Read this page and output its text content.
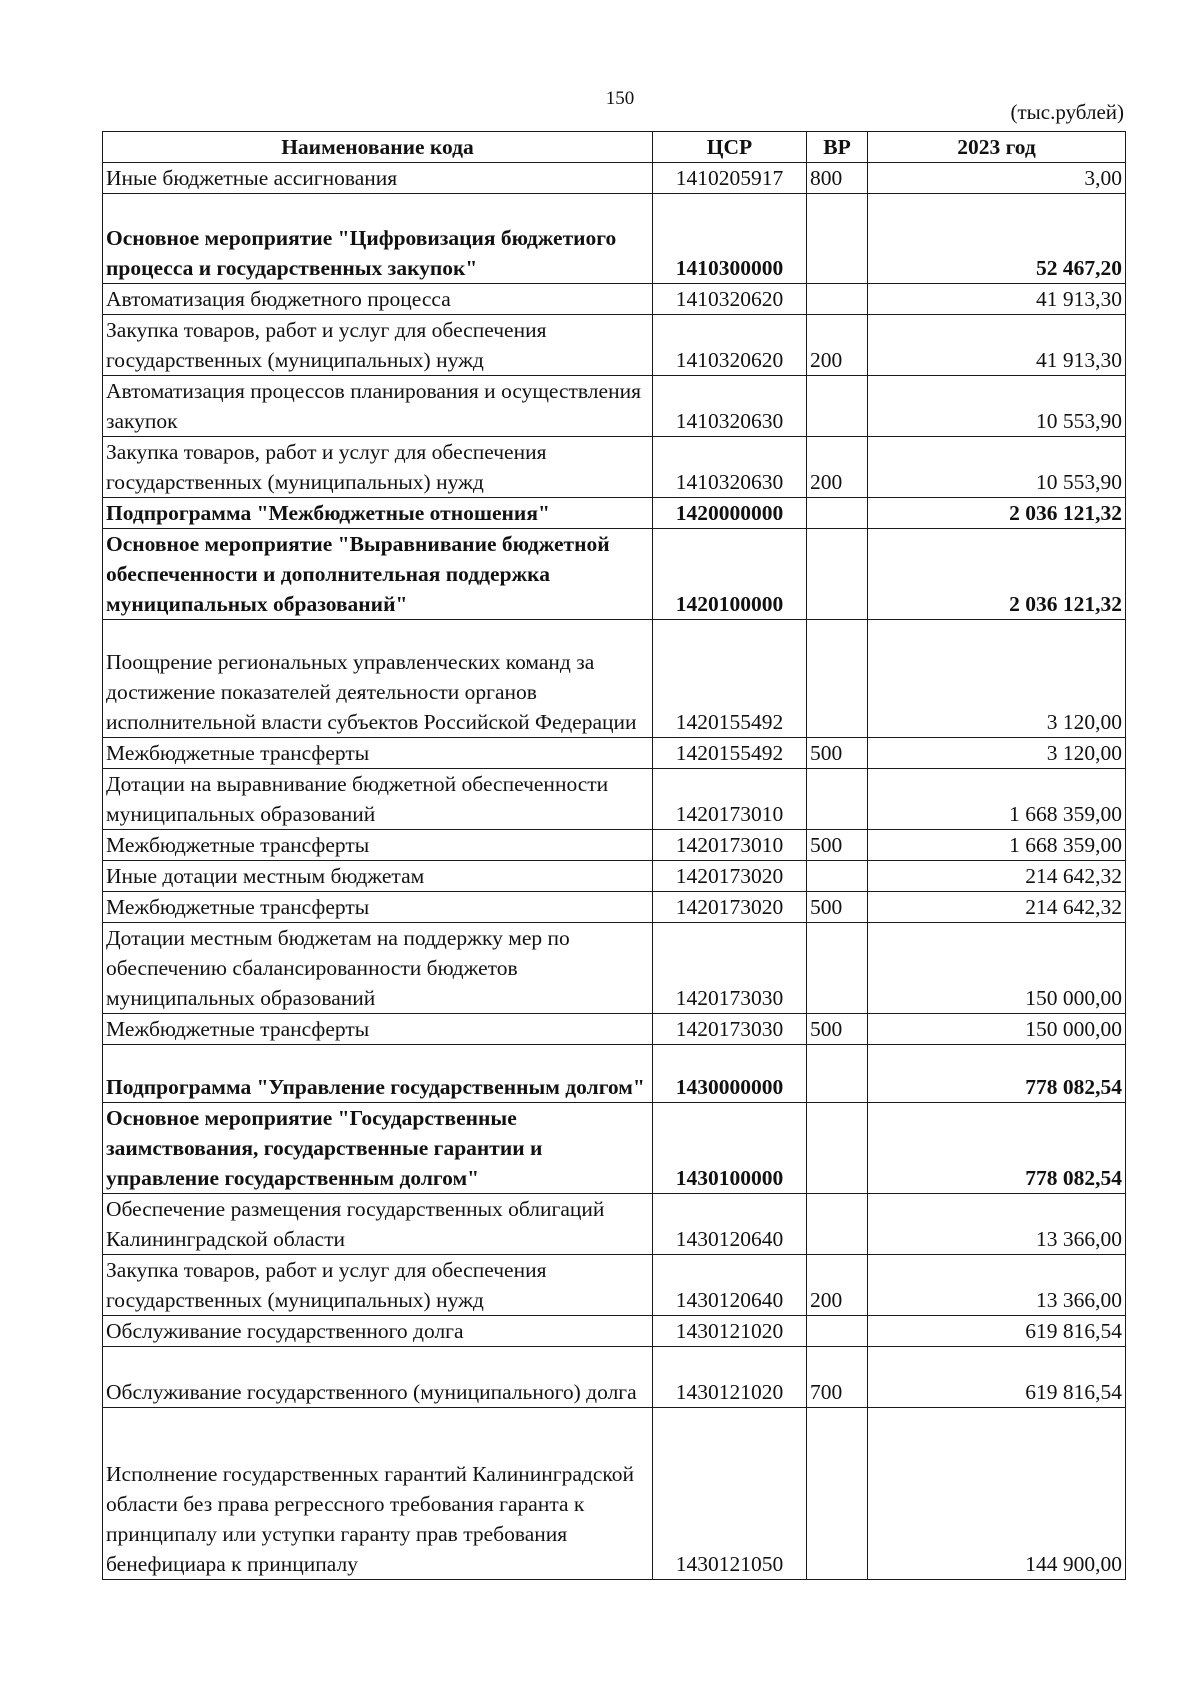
150
(тыс.рублей)
Наименование кода	ЦСР	ВР	2023 год
Иные бюджетные ассигнования	1410205917	800	3,00
Основное мероприятие "Цифровизация бюджетиого процесса и государственных закупок"	1410300000		52 467,20
Автоматизация бюджетного процесса	1410320620		41 913,30
Закупка товаров, работ и услуг для обеспечения государственных (муниципальных) нужд	1410320620	200	41 913,30
Автоматизация процессов планирования и осуществления закупок	1410320630		10 553,90
Закупка товаров, работ и услуг для обеспечения государственных (муниципальных) нужд	1410320630	200	10 553,90
Подпрограмма "Межбюджетные отношения"	1420000000		2 036 121,32
Основное мероприятие "Выравнивание бюджетной обеспеченности и дополнительная поддержка муниципальных образований"	1420100000		2 036 121,32
Поощрение региональных управленческих команд за достижение показателей деятельности органов исполнительной власти субъектов Российской Федерации	1420155492		3 120,00
Межбюджетные трансферты	1420155492	500	3 120,00
Дотации на выравнивание бюджетной обеспеченности муниципальных образований	1420173010		1 668 359,00
Межбюджетные трансферты	1420173010	500	1 668 359,00
Иные дотации местным бюджетам	1420173020		214 642,32
Межбюджетные трансферты	1420173020	500	214 642,32
Дотации местным бюджетам на поддержку мер по обеспечению сбалансированности бюджетов муниципальных образований	1420173030		150 000,00
Межбюджетные трансферты	1420173030	500	150 000,00
Подпрограмма "Управление государственным долгом"	1430000000		778 082,54
Основное мероприятие "Государственные заимствования, государственные гарантии и управление государственным долгом"	1430100000		778 082,54
Обеспечение размещения государственных облигаций Калининградской области	1430120640		13 366,00
Закупка товаров, работ и услуг для обеспечения государственных (муниципальных) нужд	1430120640	200	13 366,00
Обслуживание государственного долга	1430121020		619 816,54
Обслуживание государственного (муниципального) долга	1430121020	700	619 816,54
Исполнение государственных гарантий Калининградской области без права регрессного требования гаранта к принципалу или уступки гаранту прав требования бенефициара к принципалу	1430121050		144 900,00
